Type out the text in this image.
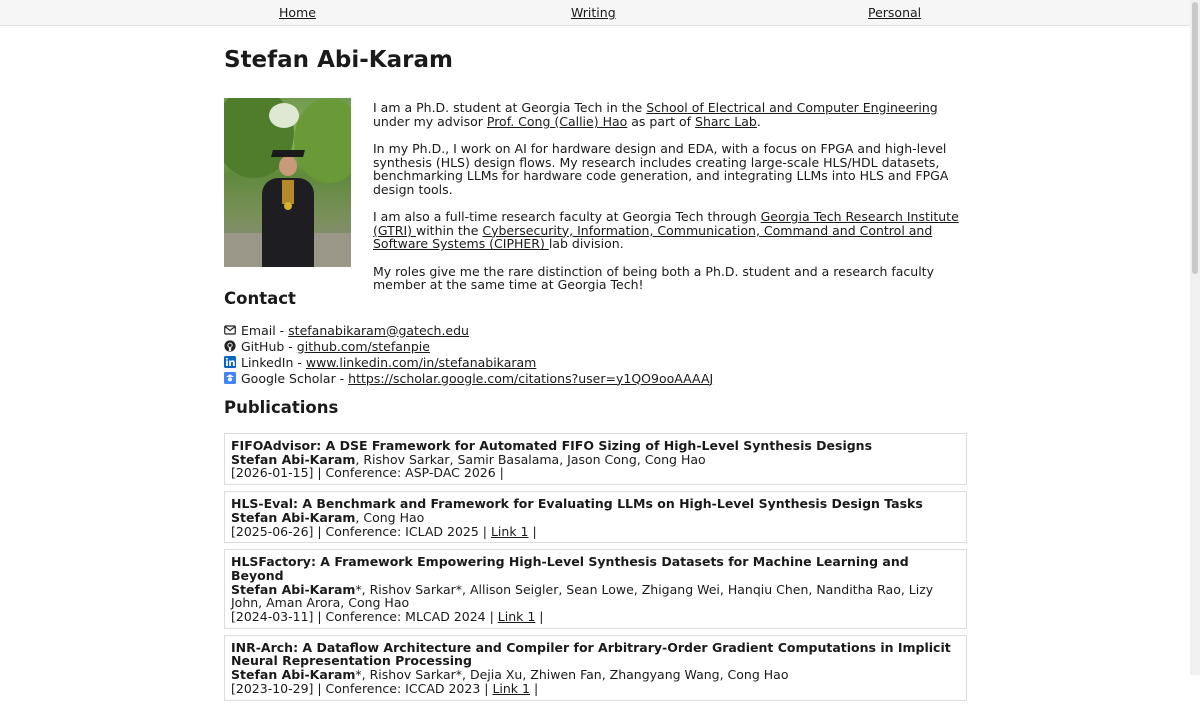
Home	Writing	Personal
Stefan Abi-Karam

I am a Ph.D. student at Georgia Tech in the School of Electrical and Computer Engineering under my advisor Prof. Cong (Callie) Hao as part of Sharc Lab.

In my Ph.D., I work on AI for hardware design and EDA, with a focus on FPGA and high-level synthesis (HLS) design flows. My research includes creating large-scale HLS/HDL datasets, benchmarking LLMs for hardware code generation, and integrating LLMs into HLS and FPGA design tools.

I am also a full-time research faculty at Georgia Tech through Georgia Tech Research Institute (GTRI) within the Cybersecurity, Information, Communication, Command and Control and Software Systems (CIPHER) lab division.

My roles give me the rare distinction of being both a Ph.D. student and a research faculty member at the same time at Georgia Tech!

Contact
Email -
stefanabikaram@gatech.edu
GitHub -
github.com/stefanpie
LinkedIn -
www.linkedin.com/in/stefanabikaram
Google Scholar -
https://scholar.google.com/citations?user=y1QO9ooAAAAJ
Publications
FIFOAdvisor: A DSE Framework for Automated FIFO Sizing of High-Level Synthesis Designs
Stefan Abi-Karam, Rishov Sarkar, Samir Basalama, Jason Cong, Cong Hao
[2026-01-15] | Conference: ASP-DAC 2026 |
HLS-Eval: A Benchmark and Framework for Evaluating LLMs on High-Level Synthesis Design Tasks
Stefan Abi-Karam, Cong Hao
[2025-06-26] | Conference: ICLAD 2025 | Link 1 |
HLSFactory: A Framework Empowering High-Level Synthesis Datasets for Machine Learning and Beyond
Stefan Abi-Karam*, Rishov Sarkar*, Allison Seigler, Sean Lowe, Zhigang Wei, Hanqiu Chen, Nanditha Rao, Lizy John, Aman Arora, Cong Hao
[2024-03-11] | Conference: MLCAD 2024 | Link 1 |
INR-Arch: A Dataflow Architecture and Compiler for Arbitrary-Order Gradient Computations in Implicit Neural Representation Processing
Stefan Abi-Karam*, Rishov Sarkar*, Dejia Xu, Zhiwen Fan, Zhangyang Wang, Cong Hao
[2023-10-29] | Conference: ICCAD 2023 | Link 1 |
